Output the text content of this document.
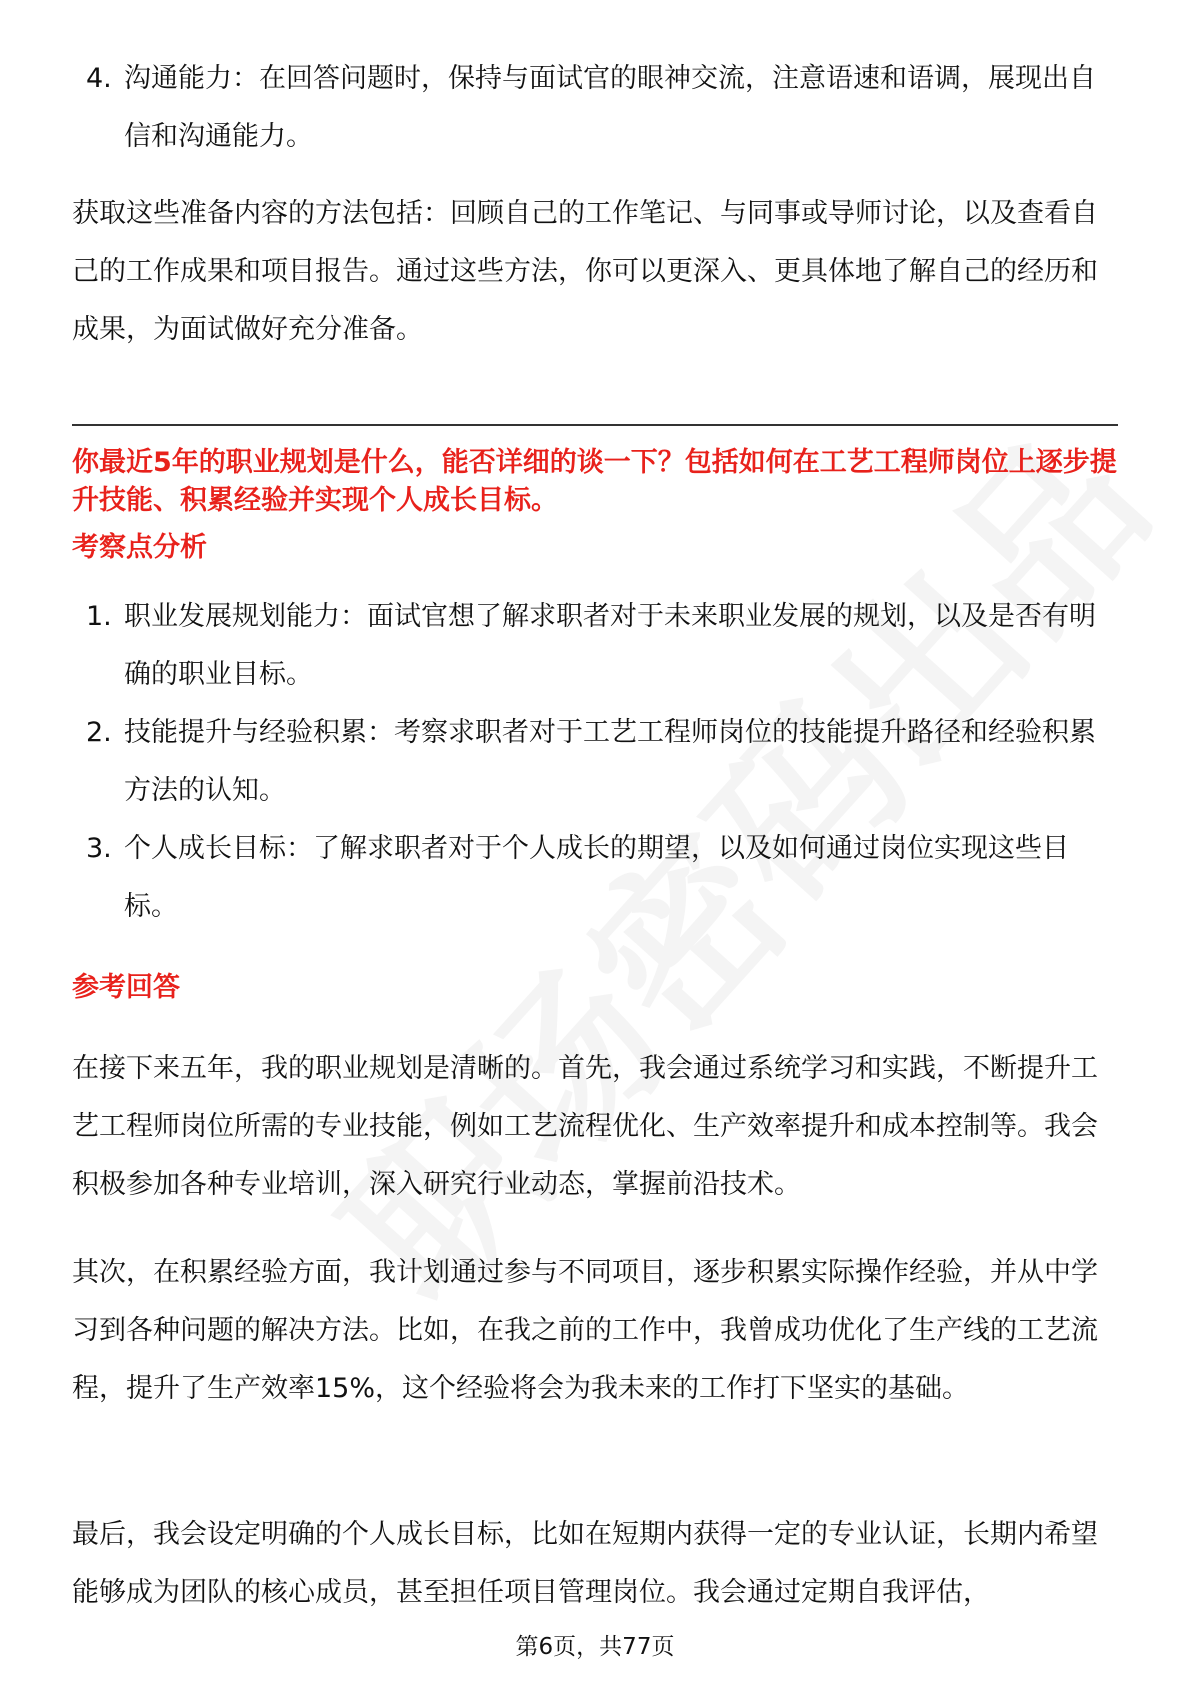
4. 沟通能力：在回答问题时，保持与面试官的眼神交流，注意语速和语调，展现出自信和沟通能力。
获取这些准备内容的方法包括：回顾自己的工作笔记、与同事或导师讨论，以及查看自己的工作成果和项目报告。通过这些方法，你可以更深入、更具体地了解自己的经历和成果，为面试做好充分准备。
你最近5年的职业规划是什么，能否详细的谈一下？包括如何在工艺工程师岗位上逐步提升技能、积累经验并实现个人成长目标。
考察点分析
1. 职业发展规划能力：面试官想了解求职者对于未来职业发展的规划，以及是否有明确的职业目标。
2. 技能提升与经验积累：考察求职者对于工艺工程师岗位的技能提升路径和经验积累方法的认知。
3. 个人成长目标：了解求职者对于个人成长的期望，以及如何通过岗位实现这些目标。
参考回答
在接下来五年，我的职业规划是清晰的。首先，我会通过系统学习和实践，不断提升工艺工程师岗位所需的专业技能，例如工艺流程优化、生产效率提升和成本控制等。我会积极参加各种专业培训，深入研究行业动态，掌握前沿技术。
其次，在积累经验方面，我计划通过参与不同项目，逐步积累实际操作经验，并从中学习到各种问题的解决方法。比如，在我之前的工作中，我曾成功优化了生产线的工艺流程，提升了生产效率15%，这个经验将会为我未来的工作打下坚实的基础。
最后，我会设定明确的个人成长目标，比如在短期内获得一定的专业认证，长期内希望能够成为团队的核心成员，甚至担任项目管理岗位。我会通过定期自我评估，
第6页，共77页
